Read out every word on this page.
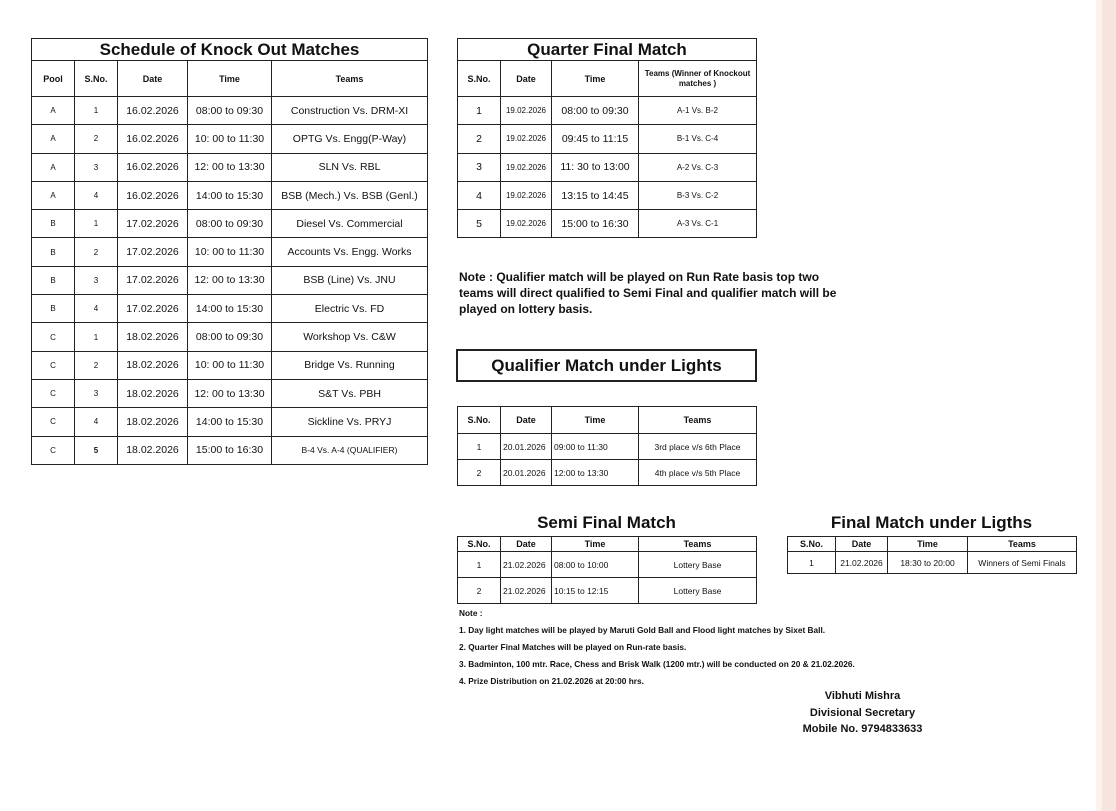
Schedule of Knock Out Matches
Pool	S.No.	Date	Time	Teams
A	1	16.02.2026	08:00 to 09:30	Construction Vs. DRM-XI
A	2	16.02.2026	10: 00 to 11:30	OPTG Vs. Engg(P-Way)
A	3	16.02.2026	12: 00 to 13:30	SLN Vs. RBL
A	4	16.02.2026	14:00 to 15:30	BSB (Mech.) Vs. BSB (Genl.)
B	1	17.02.2026	08:00 to 09:30	Diesel Vs. Commercial
B	2	17.02.2026	10: 00 to 11:30	Accounts Vs. Engg. Works
B	3	17.02.2026	12: 00 to 13:30	BSB (Line) Vs. JNU
B	4	17.02.2026	14:00 to 15:30	Electric Vs. FD
C	1	18.02.2026	08:00 to 09:30	Workshop Vs. C&W
C	2	18.02.2026	10: 00 to 11:30	Bridge Vs. Running
C	3	18.02.2026	12: 00 to 13:30	S&T Vs. PBH
C	4	18.02.2026	14:00 to 15:30	Sickline Vs. PRYJ
C	5	18.02.2026	15:00 to 16:30	B-4 Vs. A-4 (QUALIFIER)
Quarter Final Match
S.No.	Date	Time	Teams (Winner of Knockout matches )
1	19.02.2026	08:00 to 09:30	A-1 Vs. B-2
2	19.02.2026	09:45 to 11:15	B-1 Vs. C-4
3	19.02.2026	11: 30 to 13:00	A-2 Vs. C-3
4	19.02.2026	13:15 to 14:45	B-3 Vs. C-2
5	19.02.2026	15:00 to 16:30	A-3 Vs. C-1
Note : Qualifier match will be played on Run Rate basis top two teams will direct qualified to Semi Final and qualifier match will be played on lottery basis.
Qualifier Match under Lights
S.No.	Date	Time	Teams
1	20.01.2026	09:00 to 11:30	3rd place v/s 6th Place
2	20.01.2026	12:00 to 13:30	4th place v/s 5th Place
Semi Final Match
S.No.	Date	Time	Teams
1	21.02.2026	08:00 to 10:00	Lottery Base
2	21.02.2026	10:15 to 12:15	Lottery Base
Final Match under Ligths
S.No.	Date	Time	Teams
1	21.02.2026	18:30 to 20:00	Winners of Semi Finals
Note :
1. Day light matches will be played by Maruti Gold Ball and Flood light matches by Sixet Ball.
2. Quarter Final Matches will be played on Run-rate basis.
3. Badminton, 100 mtr. Race, Chess and Brisk Walk (1200 mtr.) will be conducted on 20 & 21.02.2026.
4. Prize Distribution on 21.02.2026 at 20:00 hrs.
Vibhuti Mishra
Divisional Secretary
Mobile No. 9794833633
